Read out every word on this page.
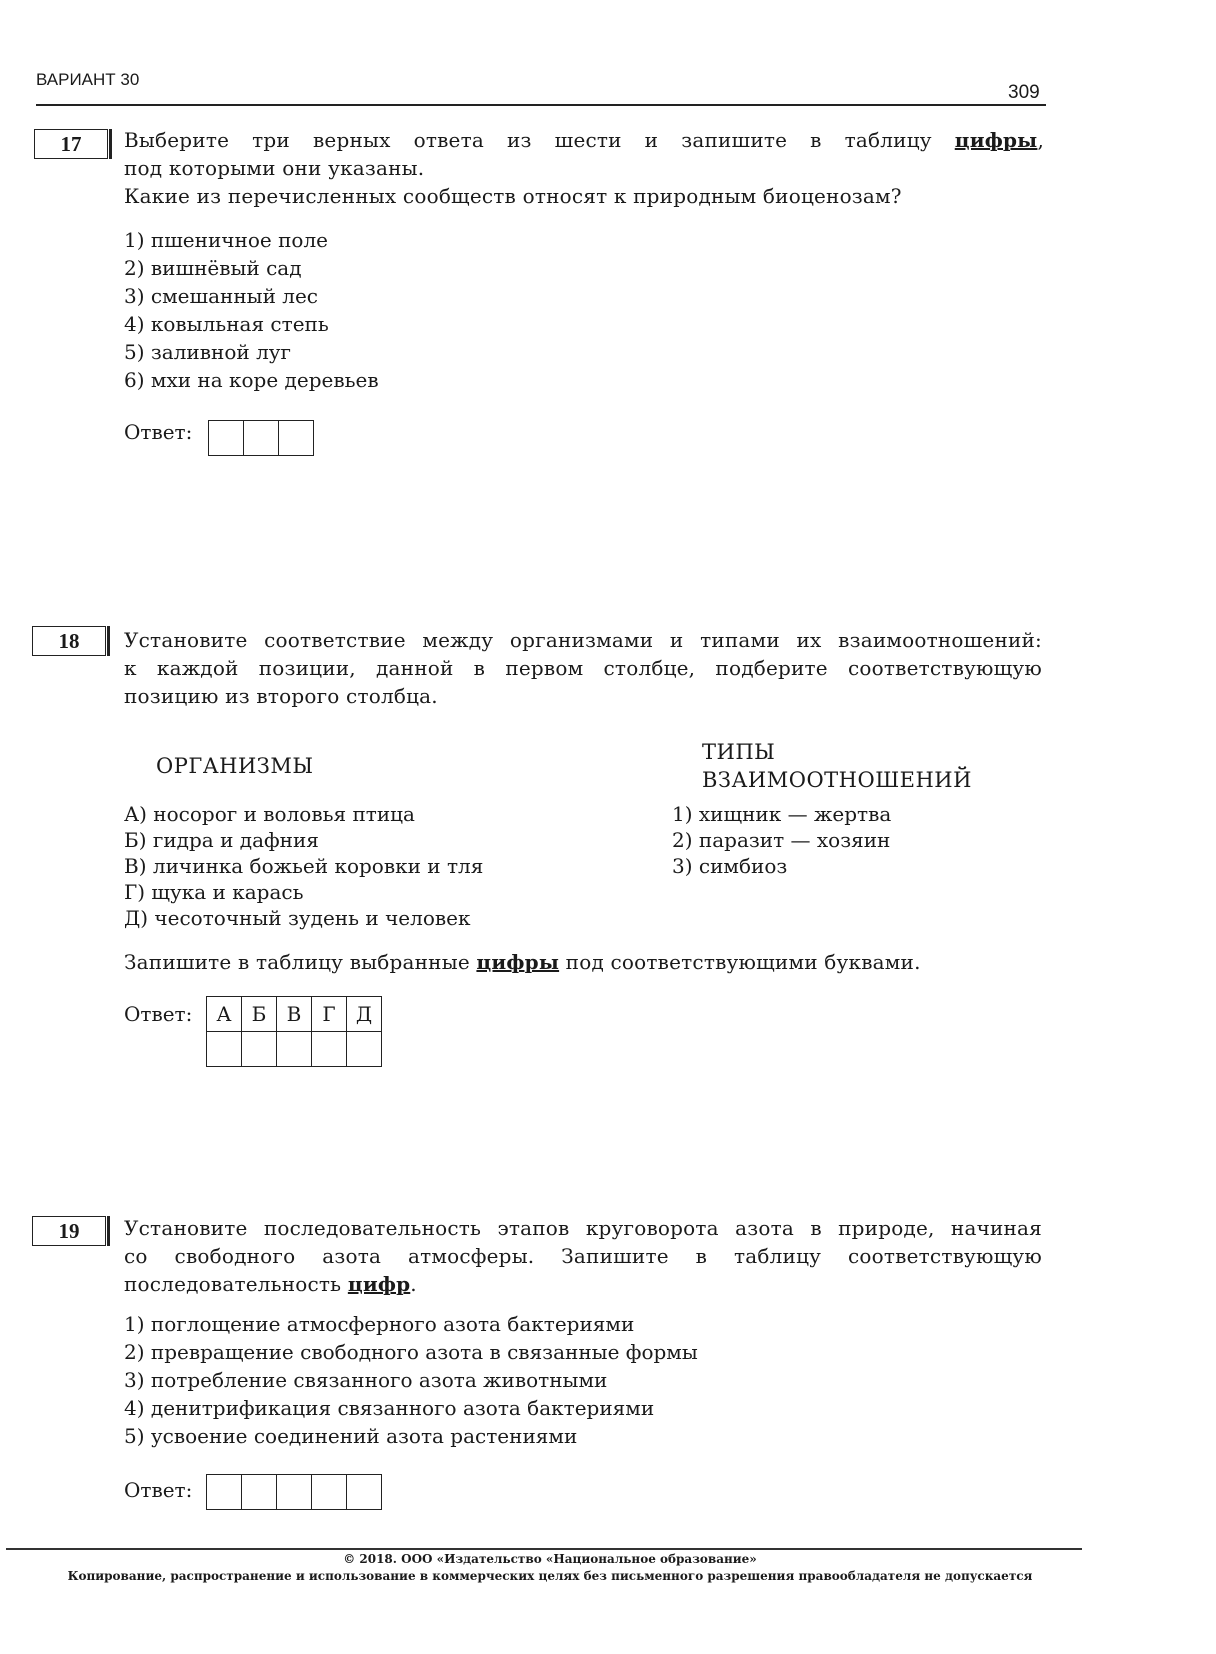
ВАРИАНТ 30
309
17	Выберите три верных ответа из шести и запишите в таблицу цифры,
под которыми они указаны.
Какие из перечисленных сообществ относят к природным биоценозам?
1) пшеничное поле
2) вишнёвый сад
3) смешанный лес
4) ковыльная степь
5) заливной луг
6) мхи на коре деревьев
Ответ:

18	Установите соответствие между организмами и типами их взаимоотношений:
к каждой позиции, данной в первом столбце, подберите соответствующую
позицию из второго столбца.
ОРГАНИЗМЫ
ТИПЫ
ВЗАИМООТНОШЕНИЙ
А) носорог и воловья птица
Б) гидра и дафния
В) личинка божьей коровки и тля
Г) щука и карась
Д) чесоточный зудень и человек
1) хищник — жертва
2) паразит — хозяин
3) симбиоз
Запишите в таблицу выбранные цифры под соответствующими буквами.
Ответ: А	Б	В	Г	Д

19	Установите последовательность этапов круговорота азота в природе, начиная
со свободного азота атмосферы. Запишите в таблицу соответствующую
последовательность цифр.
1) поглощение атмосферного азота бактериями
2) превращение свободного азота в связанные формы
3) потребление связанного азота животными
4) денитрификация связанного азота бактериями
5) усвоение соединений азота растениями
Ответ:

© 2018. ООО «Издательство «Национальное образование»
Копирование, распространение и использование в коммерческих целях без письменного разрешения правообладателя не допускается
